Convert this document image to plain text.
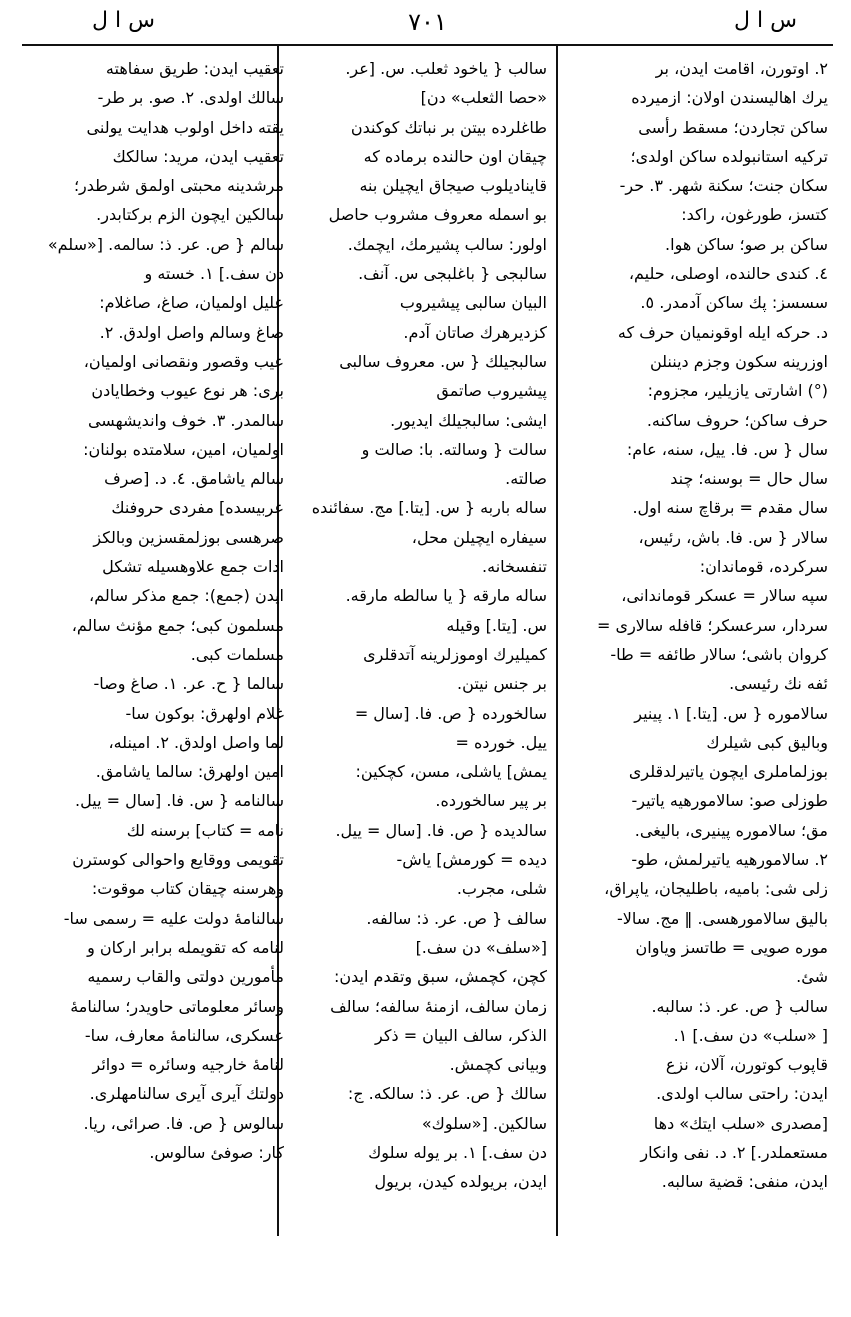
س ا ل
٧٠١
س ا ل
٢. اوتورن، اقامت ايدن، بر
يرك اهاليسندن اولان: ازميرده
ساكن تجاردن؛ مسقط رأسى
تركيه استانبولده ساكن اولدى؛
سكان جنت؛ سكنة شهر. ٣. حر-
كتسز، طورغون، راكد:
ساكن بر صو؛ ساكن هوا.
٤. كندى حالنده، اوصلى، حليم،
سسسز: پك ساكن آدمدر. ٥.
د. حركه ايله اوقونميان حرف كه
اوزرينه سكون وجزم ديننلن
(°) اشارتى يازيلير، مجزوم:
حرف ساكن؛ حروف ساكنه.
سال { س. فا. ييل، سنه، عام:
سال حال = بوسنه؛ چند
سال مقدم = برقاچ سنه اول.
سالار { س. فا. باش، رئيس،
سركرده، قوماندان:
سپه سالار = عسكر قوماندانى،
سردار، سرعسكر؛ قافله سالارى =
كروان باشى؛ سالار طائفه = طا-
ئفه نك رئيسى.
سالاموره { س. [يتا.] ١. پينير
وباليق كبى شيلرك
بوزلماملرى ايچون ياتيرلدقلرى
طوزلى صو: سالامورهيه ياتير-
مق؛ سالاموره پينيرى، باليغى.
٢. سالامورهيه ياتيرلمش، طو-
زلى شى: باميه، باطليجان، ياپراق،
باليق سالامورهسى. ‖ مج. سالا-
موره صويى = طاتسز وياوان
شئ.
سالب { ص. عر. ذ: سالبه.
[ «سلب» دن سف.] ١.
قاپوب كوتورن، آلان، نزع
ايدن: راحتى سالب اولدى.
[مصدرى «سلب ايتك» دها
مستعملدر.] ٢. د. نفى وانكار
ايدن، منفى: قضية سالبه.
سالب { ياخود ثعلب. س. [عر.
«حصا الثعلب» دن]
طاغلرده بيتن بر نباتك كوكندن
چيقان اون حالنده برماده كه
قايناديلوب صيجاق ايچيلن بنه
بو اسمله معروف مشروب حاصل
اولور: سالب پشيرمك، ايچمك.
سالبجى { باغلبجى س. آنف.
البيان سالبى پيشيروب
كزديرهرك صاتان آدم.
سالبجيلك { س. معروف سالبى
پيشيروب صاتمق
ايشى: سالبجيلك ايديور.
سالت { وسالته. با: صالت و
صالته.
ساله باربه { س. [يتا.] مج. سفائنده
سيفاره ايچيلن محل،
تنفسخانه.
ساله مارقه { يا سالطه مارقه.
س. [يتا.] وقيله
كميليرك اوموزلرينه آتدقلرى
بر جنس نيتن.
سالخورده { ص. فا. [سال =
ييل. خورده =
يمش] ياشلى، مسن، كچكين:
بر پير سالخورده.
سالديده { ص. فا. [سال = ييل.
ديده = كورمش] ياش-
شلى، مجرب.
سالف { ص. عر. ذ: سالفه.
[«سلف» دن سف.]
كچن، كچمش، سبق وتقدم ايدن:
زمان سالف، ازمنهٔ سالفه؛ سالف
الذكر، سالف البيان = ذكر
وبيانى كچمش.
سالك { ص. عر. ذ: سالكه. ج:
سالكين. [«سلوك»
دن سف.] ١. بر يوله سلوك
ايدن، بريولده كيدن، بريول
تعقيب ايدن: طريق سفاهته
سالك اولدى. ٢. صو. بر طر-
يقته داخل اولوب هدايت يولنى
تعقيب ايدن، مريد: سالكك
مرشدينه محبتى اولمق شرطدر؛
سالكين ايچون الزم بركتابدر.
سالم { ص. عر. ذ: سالمه. [«سلم»
دن سف.] ١. خسته و
عليل اولميان، صاغ، صاغلام:
صاغ وسالم واصل اولدق. ٢.
عيب وقصور ونقصانى اولميان،
برى: هر نوع عيوب وخطايادن
سالمدر. ٣. خوف واندیشهسى
اولميان، امين، سلامتده بولنان:
سالم ياشامق. ٤. د. [صرف
عربيسده] مفردى حروفنك
صرهسى بوزلمقسزين وبالكز
ادات جمع علاوهسيله تشكل
ايدن (جمع): جمع مذكر سالم،
مسلمون كبى؛ جمع مؤنث سالم،
مسلمات كبى.
سالما { ح. عر. ١. صاغ وصا-
غلام اولهرق: بوكون سا-
لما واصل اولدق. ٢. امينله،
امين اولهرق: سالما ياشامق.
سالنامه { س. فا. [سال = ييل.
نامه = كتاب] برسنه لك
تقويمى ووقايع واحوالى كوسترن
وهرسنه چيقان كتاب موقوت:
سالنامهٔ دولت عليه = رسمى سا-
لنامه كه تقويمله برابر اركان و
مأمورين دولتى والقاب رسميه
وسائر معلوماتى حاويدر؛ سالنامهٔ
عسكرى، سالنامهٔ معارف، سا-
لنامهٔ خارجيه وسائره = دوائر
دولتك آيرى آيرى سالنامهلرى.
سالوس { ص. فا. صرائى، ريا.
كار: صوفئ سالوس.
